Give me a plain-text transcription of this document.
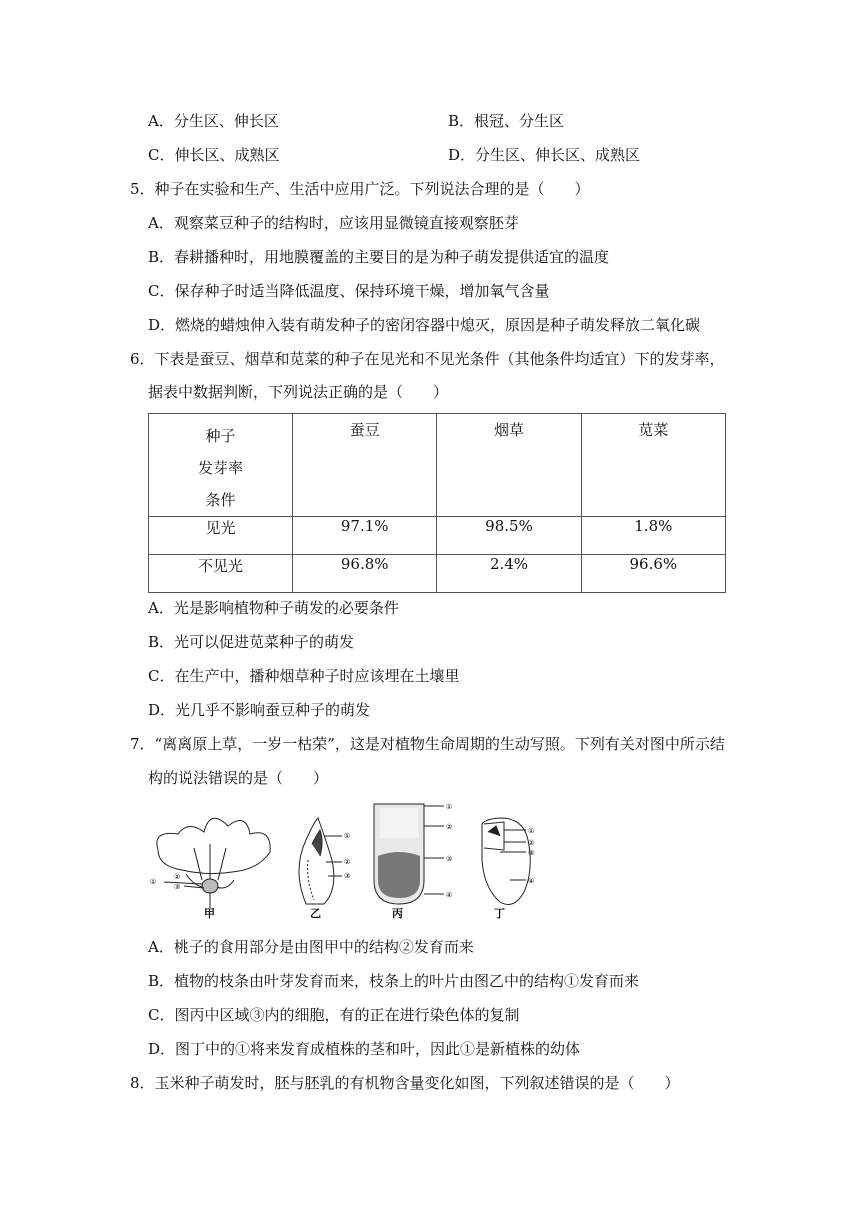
A．分生区、伸长区	B．根冠、分生区
C．伸长区、成熟区	D．分生区、伸长区、成熟区
5．种子在实验和生产、生活中应用广泛。下列说法合理的是（　　）
A．观察菜豆种子的结构时，应该用显微镜直接观察胚芽
B．春耕播种时，用地膜覆盖的主要目的是为种子萌发提供适宜的温度
C．保存种子时适当降低温度、保持环境干燥，增加氧气含量
D．燃烧的蜡烛伸入装有萌发种子的密闭容器中熄灭，原因是种子萌发释放二氧化碳
6．下表是蚕豆、烟草和苋菜的种子在见光和不见光条件（其他条件均适宜）下的发芽率，
据表中数据判断，下列说法正确的是（　　）
种子
发芽率
条件	蚕豆	烟草	苋菜

见光	97.1%	98.5%	1.8%
不见光	96.8%	2.4%	96.6%
A．光是影响植物种子萌发的必要条件
B．光可以促进苋菜种子的萌发
C．在生产中，播种烟草种子时应该埋在土壤里
D．光几乎不影响蚕豆种子的萌发
7．“离离原上草，一岁一枯荣”，这是对植物生命周期的生动写照。下列有关对图中所示结
构的说法错误的是（　　）
①
②
③
甲
①
②
③
乙
①
②
③
④
丙
①
②
③
④
丁
A．桃子的食用部分是由图甲中的结构②发育而来
B．植物的枝条由叶芽发育而来，枝条上的叶片由图乙中的结构①发育而来
C．图丙中区域③内的细胞，有的正在进行染色体的复制
D．图丁中的①将来发育成植株的茎和叶，因此①是新植株的幼体
8．玉米种子萌发时，胚与胚乳的有机物含量变化如图，下列叙述错误的是（　　）
